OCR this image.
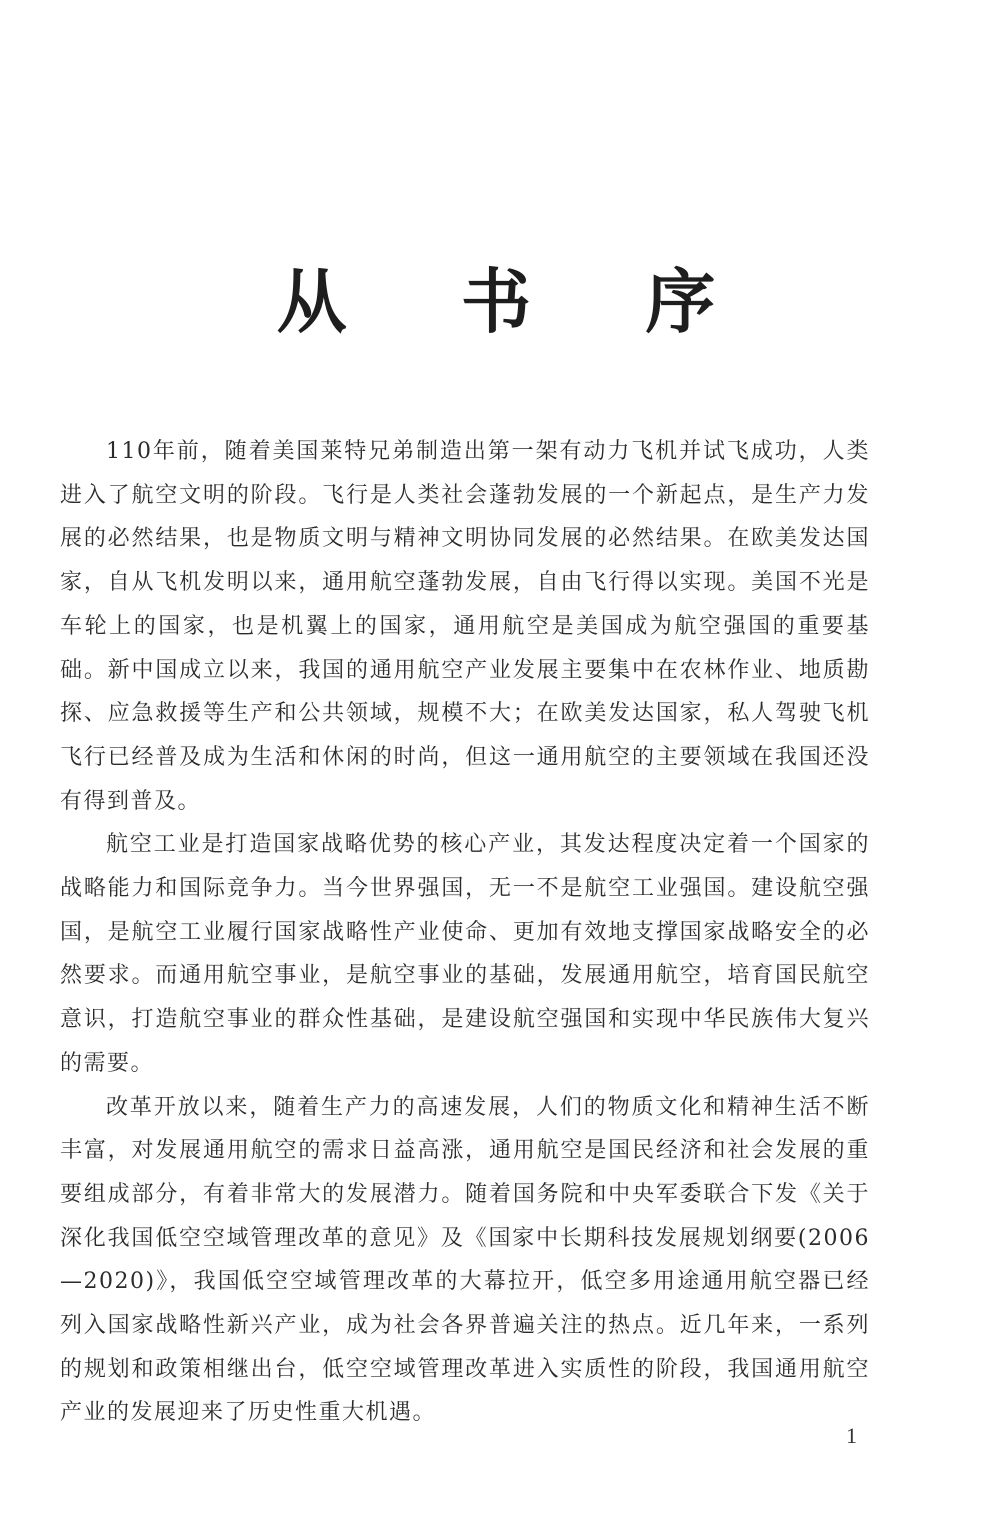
从 书 序

110年前，随着美国莱特兄弟制造出第一架有动力飞机并试飞成功，人类进入了航空文明的阶段。飞行是人类社会蓬勃发展的一个新起点，是生产力发展的必然结果，也是物质文明与精神文明协同发展的必然结果。在欧美发达国家，自从飞机发明以来，通用航空蓬勃发展，自由飞行得以实现。美国不光是车轮上的国家，也是机翼上的国家，通用航空是美国成为航空强国的重要基础。新中国成立以来，我国的通用航空产业发展主要集中在农林作业、地质勘探、应急救援等生产和公共领域，规模不大；在欧美发达国家，私人驾驶飞机飞行已经普及成为生活和休闲的时尚，但这一通用航空的主要领域在我国还没有得到普及。

航空工业是打造国家战略优势的核心产业，其发达程度决定着一个国家的战略能力和国际竞争力。当今世界强国，无一不是航空工业强国。建设航空强国，是航空工业履行国家战略性产业使命、更加有效地支撑国家战略安全的必然要求。而通用航空事业，是航空事业的基础，发展通用航空，培育国民航空意识，打造航空事业的群众性基础，是建设航空强国和实现中华民族伟大复兴的需要。

改革开放以来，随着生产力的高速发展，人们的物质文化和精神生活不断丰富，对发展通用航空的需求日益高涨，通用航空是国民经济和社会发展的重要组成部分，有着非常大的发展潜力。随着国务院和中央军委联合下发《关于深化我国低空空域管理改革的意见》及《国家中长期科技发展规划纲要(2006—2020)》，我国低空空域管理改革的大幕拉开，低空多用途通用航空器已经列入国家战略性新兴产业，成为社会各界普遍关注的热点。近几年来，一系列的规划和政策相继出台，低空空域管理改革进入实质性的阶段，我国通用航空产业的发展迎来了历史性重大机遇。

1
